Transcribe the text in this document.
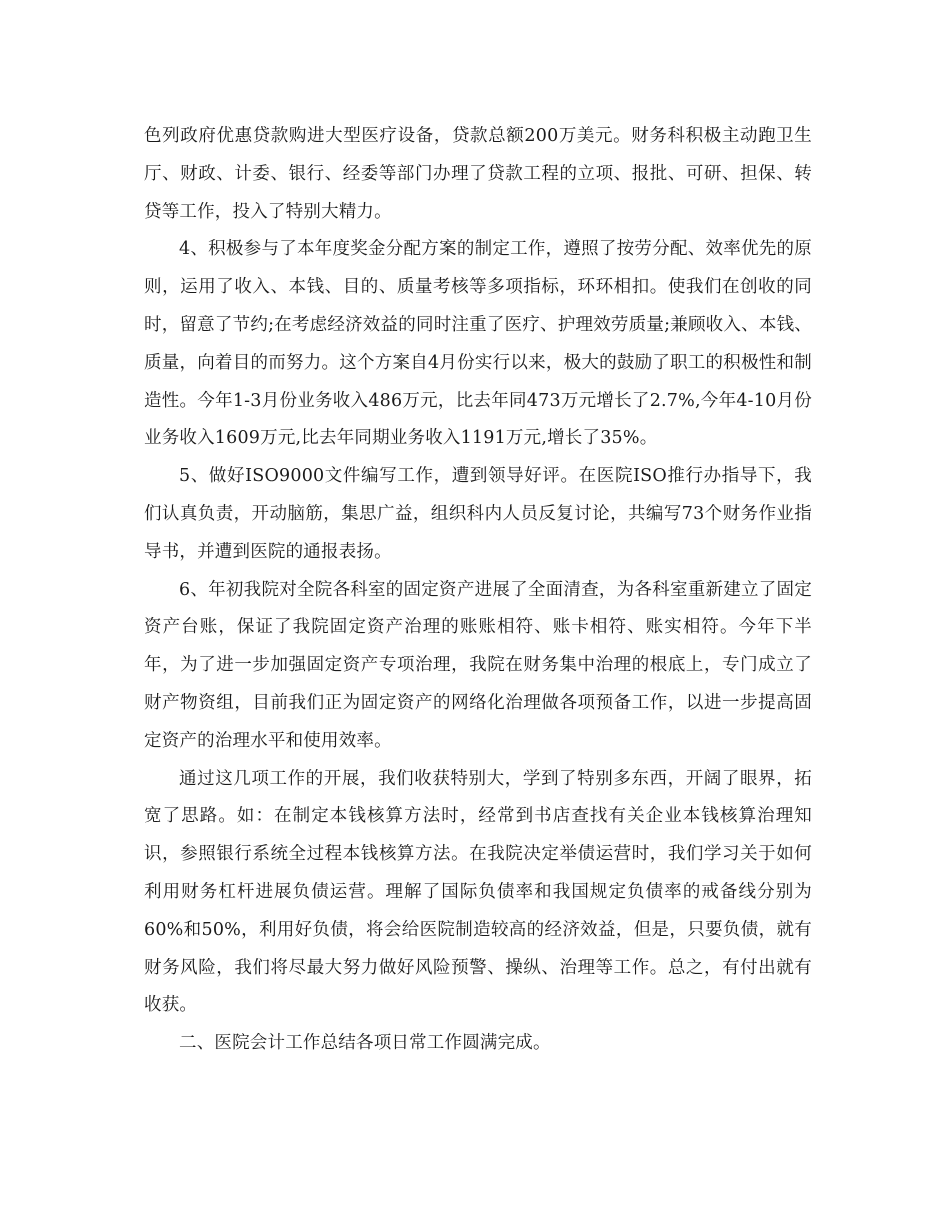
色列政府优惠贷款购进大型医疗设备，贷款总额200万美元。财务科积极主动跑卫生厅、财政、计委、银行、经委等部门办理了贷款工程的立项、报批、可研、担保、转贷等工作，投入了特别大精力。

4、积极参与了本年度奖金分配方案的制定工作，遵照了按劳分配、效率优先的原则，运用了收入、本钱、目的、质量考核等多项指标，环环相扣。使我们在创收的同时，留意了节约;在考虑经济效益的同时注重了医疗、护理效劳质量;兼顾收入、本钱、质量，向着目的而努力。这个方案自4月份实行以来，极大的鼓励了职工的积极性和制造性。今年1-3月份业务收入486万元，比去年同473万元增长了2.7%,今年4-10月份业务收入1609万元,比去年同期业务收入1191万元,增长了35%。

5、做好ISO9000文件编写工作，遭到领导好评。在医院ISO推行办指导下，我们认真负责，开动脑筋，集思广益，组织科内人员反复讨论，共编写73个财务作业指导书，并遭到医院的通报表扬。

6、年初我院对全院各科室的固定资产进展了全面清查，为各科室重新建立了固定资产台账，保证了我院固定资产治理的账账相符、账卡相符、账实相符。今年下半年，为了进一步加强固定资产专项治理，我院在财务集中治理的根底上，专门成立了财产物资组，目前我们正为固定资产的网络化治理做各项预备工作，以进一步提高固定资产的治理水平和使用效率。

通过这几项工作的开展，我们收获特别大，学到了特别多东西，开阔了眼界，拓宽了思路。如：在制定本钱核算方法时，经常到书店查找有关企业本钱核算治理知识，参照银行系统全过程本钱核算方法。在我院决定举债运营时，我们学习关于如何利用财务杠杆进展负债运营。理解了国际负债率和我国规定负债率的戒备线分别为60%和50%，利用好负债，将会给医院制造较高的经济效益，但是，只要负债，就有财务风险，我们将尽最大努力做好风险预警、操纵、治理等工作。总之，有付出就有收获。

二、医院会计工作总结各项日常工作圆满完成。
